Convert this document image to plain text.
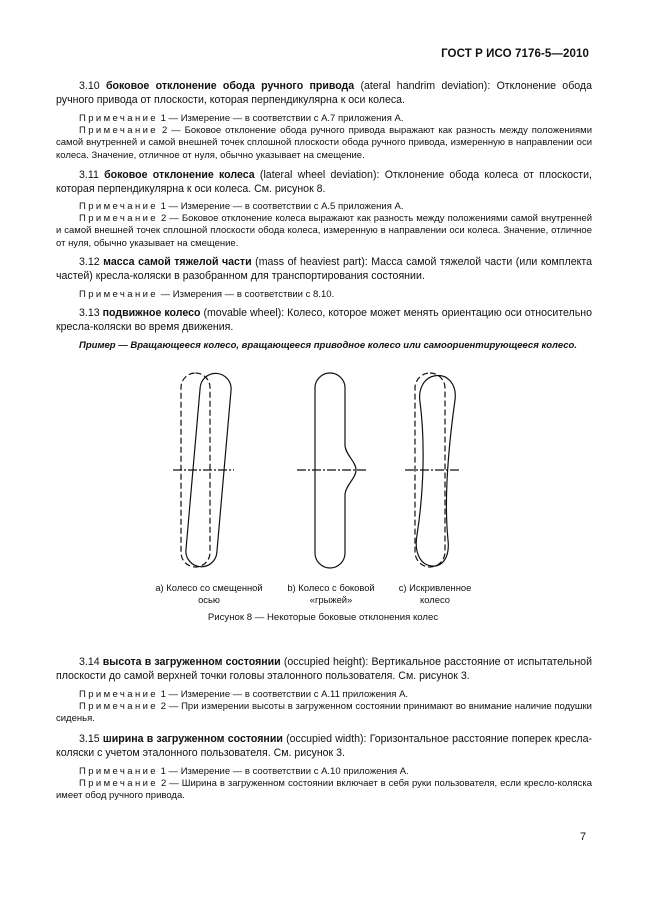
ГОСТ Р ИСО 7176-5—2010
3.10 боковое отклонение обода ручного привода (ateral handrim deviation): Отклонение обода ручного привода от плоскости, которая перпендикулярна к оси колеса.
Примечание 1 — Измерение — в соответствии с А.7 приложения А.
Примечание 2 — Боковое отклонение обода ручного привода выражают как разность между положениями самой внутренней и самой внешней точек сплошной плоскости обода ручного привода, измеренную в направлении оси колеса. Значение, отличное от нуля, обычно указывает на смещение.
3.11 боковое отклонение колеса (lateral wheel deviation): Отклонение обода колеса от плоскости, которая перпендикулярна к оси колеса. См. рисунок 8.
Примечание 1 — Измерение — в соответствии с А.5 приложения А.
Примечание 2 — Боковое отклонение колеса выражают как разность между положениями самой внутренней и самой внешней точек сплошной плоскости обода колеса, измеренную в направлении оси колеса. Значение, отличное от нуля, обычно указывает на смещение.
3.12 масса самой тяжелой части (mass of heaviest part): Масса самой тяжелой части (или комплекта частей) кресла-коляски в разобранном для транспортирования состоянии.
Примечание — Измерения — в соответствии с 8.10.
3.13 подвижное колесо (movable wheel): Колесо, которое может менять ориентацию оси относительно кресла-коляски во время движения.
Пример — Вращающееся колесо, вращающееся приводное колесо или самоориентирующееся колесо.
а) Колесо со смещенной
осью
b) Колесо с боковой
«грыжей»
c) Искривленное
колесо
Рисунок 8 — Некоторые боковые отклонения колес
3.14 высота в загруженном состоянии (occupied height): Вертикальное расстояние от испытательной плоскости до самой верхней точки головы эталонного пользователя. См. рисунок 3.
Примечание 1 — Измерение — в соответствии с А.11 приложения А.
Примечание 2 — При измерении высоты в загруженном состоянии принимают во внимание наличие подушки сиденья.
3.15 ширина в загруженном состоянии (occupied width): Горизонтальное расстояние поперек кресла-коляски с учетом эталонного пользователя. См. рисунок 3.
Примечание 1 — Измерение — в соответствии с А.10 приложения А.
Примечание 2 — Ширина в загруженном состоянии включает в себя руки пользователя, если кресло-коляска имеет обод ручного привода.
7
